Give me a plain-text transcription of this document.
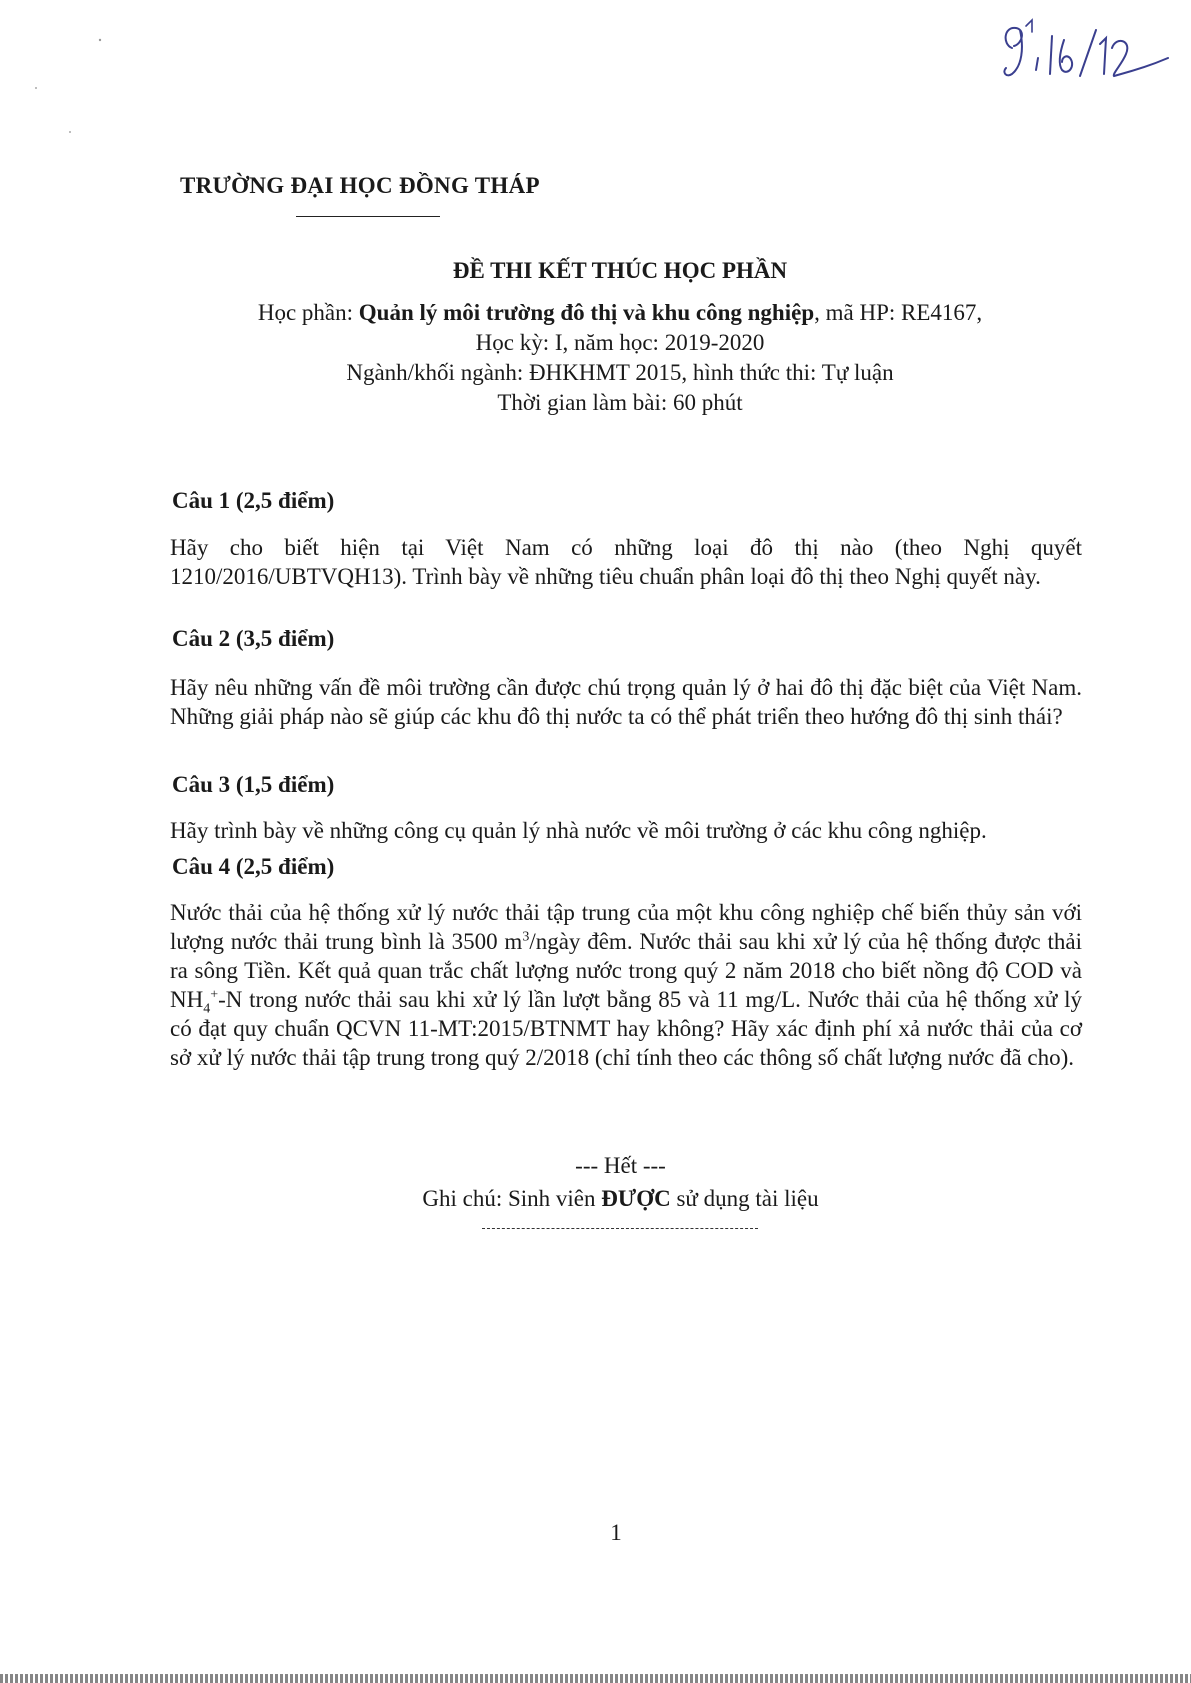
TRƯỜNG ĐẠI HỌC ĐỒNG THÁP
ĐỀ THI KẾT THÚC HỌC PHẦN
Học phần: Quản lý môi trường đô thị và khu công nghiệp, mã HP: RE4167,
Học kỳ: I, năm học: 2019-2020
Ngành/khối ngành: ĐHKHMT 2015, hình thức thi: Tự luận
Thời gian làm bài: 60 phút
Câu 1 (2,5 điểm)
Hãy cho biết hiện tại Việt Nam có những loại đô thị nào (theo Nghị quyết 1210/2016/UBTVQH13). Trình bày về những tiêu chuẩn phân loại đô thị theo Nghị quyết này.
Câu 2 (3,5 điểm)
Hãy nêu những vấn đề môi trường cần được chú trọng quản lý ở hai đô thị đặc biệt của Việt Nam. Những giải pháp nào sẽ giúp các khu đô thị nước ta có thể phát triển theo hướng đô thị sinh thái?
Câu 3 (1,5 điểm)
Hãy trình bày về những công cụ quản lý nhà nước về môi trường ở các khu công nghiệp.
Câu 4 (2,5 điểm)
Nước thải của hệ thống xử lý nước thải tập trung của một khu công nghiệp chế biến thủy sản với lượng nước thải trung bình là 3500 $m^3$/ngày đêm. Nước thải sau khi xử lý của hệ thống được thải ra sông Tiền. Kết quả quan trắc chất lượng nước trong quý 2 năm 2018 cho biết nồng độ COD và $NH_4^+-N$ trong nước thải sau khi xử lý lần lượt bằng 85 và 11 mg/L. Nước thải của hệ thống xử lý có đạt quy chuẩn QCVN 11-MT:2015/BTNMT hay không? Hãy xác định phí xả nước thải của cơ sở xử lý nước thải tập trung trong quý 2/2018 (chỉ tính theo các thông số chất lượng nước đã cho).
--- Hết ---
Ghi chú: Sinh viên ĐƯỢC sử dụng tài liệu
1
